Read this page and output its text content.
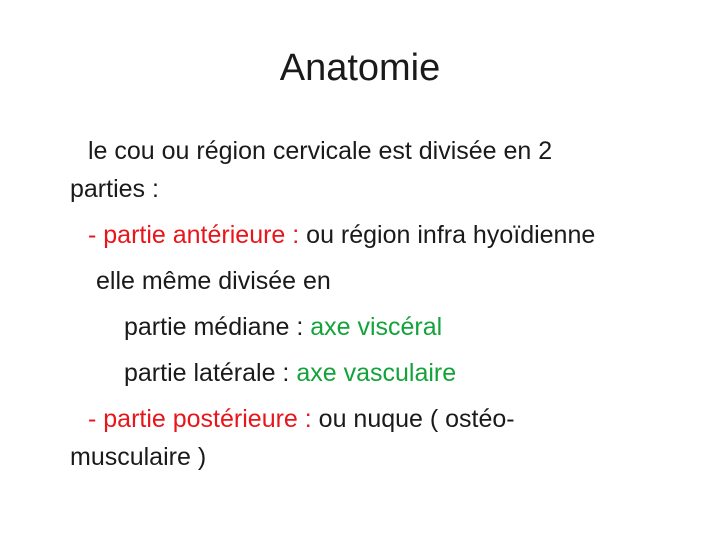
Anatomie
le cou ou région cervicale est divisée en 2
parties :
- partie antérieure : ou région infra hyoïdienne
elle même divisée en
partie médiane : axe viscéral
partie latérale : axe vasculaire
- partie postérieure : ou nuque ( ostéo-
musculaire )
